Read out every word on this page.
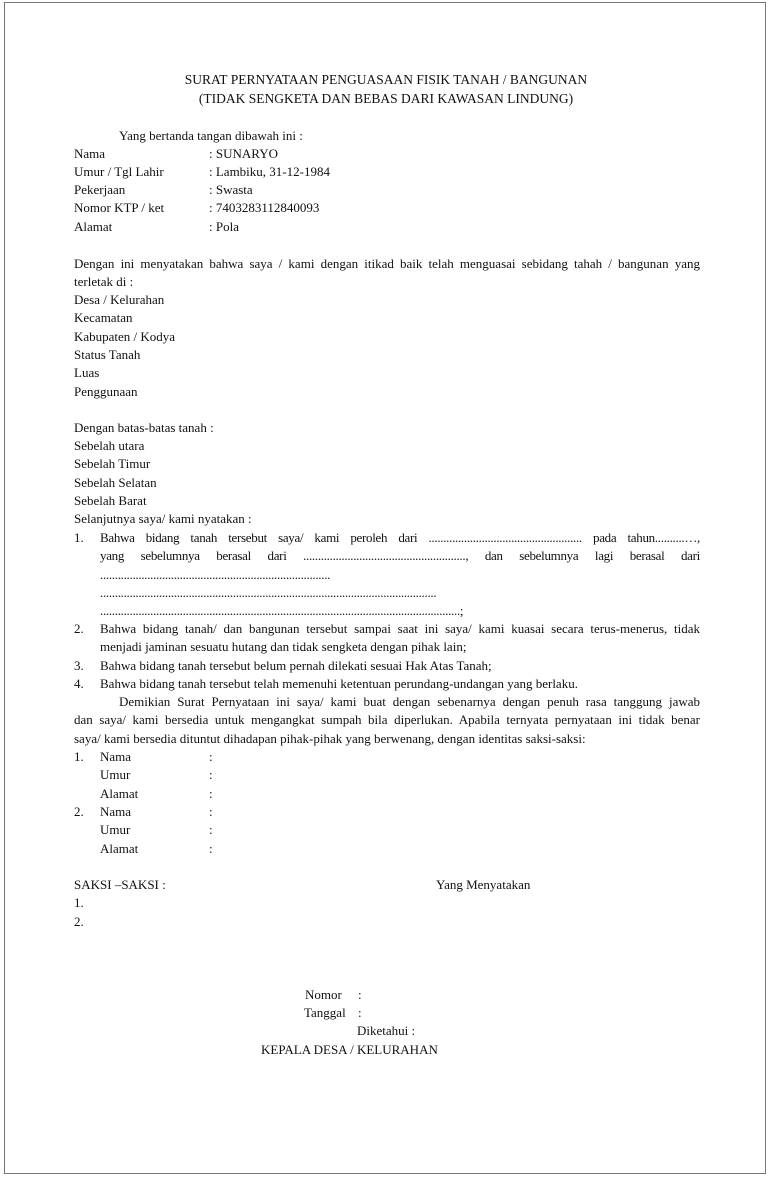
SURAT PERNYATAAN PENGUASAAN FISIK TANAH / BANGUNAN
(TIDAK SENGKETA DAN BEBAS DARI KAWASAN LINDUNG)
Yang bertanda tangan dibawah ini :
Nama	: SUNARYO
Umur / Tgl Lahir	: Lambiku, 31-12-1984
Pekerjaan	: Swasta
Nomor KTP / ket	: 7403283112840093
Alamat	: Pola
Dengan ini menyatakan bahwa saya / kami dengan itikad baik telah menguasai sebidang tahah / bangunan yang
terletak di :
Desa / Kelurahan
Kecamatan
Kabupaten / Kodya
Status Tanah
Luas
Penggunaan
Dengan batas-batas tanah :
Sebelah utara
Sebelah Timur
Sebelah Selatan
Sebelah Barat
Selanjutnya saya/ kami nyatakan :
1. Bahwa bidang tanah tersebut saya/ kami peroleh dari .................................................... pada tahun..........…,
yang sebelumnya berasal dari ......................................................., dan sebelumnya lagi berasal dari
..............................................................................
..................................................................................................................
..........................................................................................................................;
2. Bahwa bidang tanah/ dan bangunan tersebut sampai saat ini saya/ kami kuasai secara terus-menerus, tidak
menjadi jaminan sesuatu hutang dan tidak sengketa dengan pihak lain;
3. Bahwa bidang tanah tersebut belum pernah dilekati sesuai Hak Atas Tanah;
4. Bahwa bidang tanah tersebut telah memenuhi ketentuan perundang-undangan yang berlaku.
Demikian Surat Pernyataan ini saya/ kami buat dengan sebenarnya dengan penuh rasa tanggung jawab
dan saya/ kami bersedia untuk mengangkat sumpah bila diperlukan. Apabila ternyata pernyataan ini tidak benar
saya/ kami bersedia dituntut dihadapan pihak-pihak yang berwenang, dengan identitas saksi-saksi:
1. Nama	:
Umur	:
Alamat	:
2. Nama	:
Umur	:
Alamat	:
SAKSI –SAKSI :	Yang Menyatakan
1.
2.
Nomor :
Tanggal :
Diketahui :
KEPALA DESA / KELURAHAN
